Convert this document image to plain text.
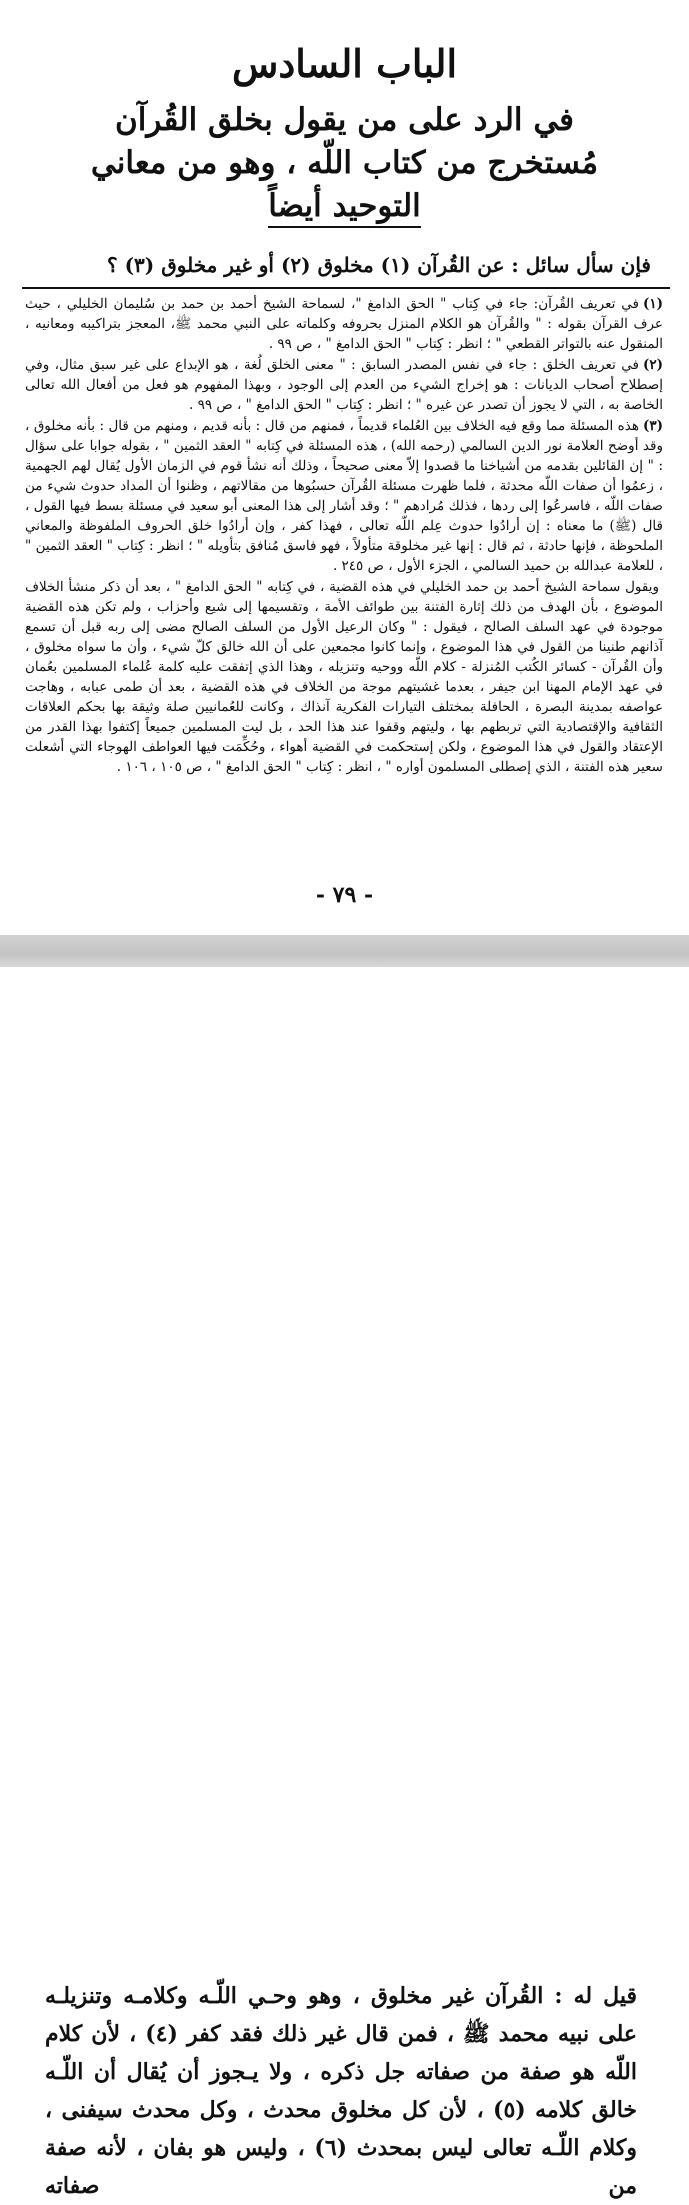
الباب السادس
في الرد على من يقول بخلق القُرآن
مُستخرج من كتاب اللّه ، وهو من معاني
التوحيد أيضاً
فإن سأل سائل : عن القُرآن (١) مخلوق (٢) أو غير مخلوق (٣) ؟

(١)في تعريف القُرآن: جاء في كِتاب " الحق الدامغ "، لسماحة الشيخ أحمد بن حمد بن سُليمان الخليلي ، حيث عرف القرآن بقوله : " والقُرآن هو الكلام المنزل بحروفه وكلماته على النبي محمد ﷺ، المعجز بتراكيبه ومعانيه ، المنقول عنه بالتواتر القطعي " ؛ انظر : كِتاب " الحق الدامغ " ، ص ٩٩ .

(٢)في تعريف الخلق : جاء في نفس المصدر السابق : " معنى الخلق لُغة ، هو الإبداع على غير سبق مثال، وفي إصطلاح أصحاب الديانات : هو إخراج الشيء من العدم إلى الوجود ، وبهذا المفهوم هو فعل من أفعال الله تعالى الخاصة به ، التي لا يجوز أن تصدر عن غيره " ؛ انظر : كِتاب " الحق الدامغ " ، ص ٩٩ .

(٣)هذه المسئلة مما وقع فيه الخلاف بين العُلماء قديماً ، فمنهم من قال : بأنه قديم ، ومنهم من قال : بأنه مخلوق ، وقد أوضح العلامة نور الدين السالمي (رحمه الله) ، هذه المسئلة في كِتابه " العقد الثمين " ، بقوله جوابا على سؤال : " إن القائلين بقدمه من أشياخنا ما قصدوا إلاّ معنى صحيحاً ، وذلك أنه نشأ قوم في الزمان الأول يُقال لهم الجهمية ، زعمُوا أن صفات اللّه محدثة ، فلما ظهرت مسئلة القُرآن حسبُوها من مقالاتهم ، وظنوا أن المداد حدوث شيء من صفات اللّه ، فاسرعُوا إلى ردها ، فذلك مُرادهم " ؛ وقد أشار إلى هذا المعنى أبو سعيد في مسئلة بسط فيها القول ، قال (ﷺ) ما معناه : إن أرادُوا حدوث عِلم اللّه تعالى ، فهذا كفر ، وإن أرادُوا خلق الحروف الملفوظة والمعاني الملحوظة ، فإنها حادثة ، ثم قال : إنها غير مخلوقة متأولاً ، فهو فاسق مُنافق بتأويله " ؛ انظر : كِتاب " العقد الثمين " ، للعلامة عبدالله بن حميد السالمي ، الجزء الأول ، ص ٢٤٥ .

ويقول سماحة الشيخ أحمد بن حمد الخليلي في هذه القضية ، في كِتابه " الحق الدامغ " ، بعد أن ذكر منشأ الخلاف الموضوع ، بأن الهدف من ذلك إثارة الفتنة بين طوائف الأمة ، وتقسيمها إلى شيع وأحزاب ، ولم تكن هذه القضية موجودة في عهد السلف الصالح ، فيقول : " وكان الرعيل الأول من السلف الصالح مضى إلى ربه قبل أن تسمع آذانهم طنينا من القول في هذا الموضوع ، وإنما كانوا مجمعين على أن الله خالق كلّ شيء ، وأن ما سواه مخلوق ، وأن القُرآن - كسائر الكُتب المُنزلة - كلام اللّه ووحيه وتنزيله ، وهذا الذي إتفقت عليه كلمة عُلماء المسلمين بعُمان في عهد الإمام المهنا ابن جيفر ، بعدما غشيتهم موجة من الخلاف في هذه القضية ، بعد أن طمى عبابه ، وهاجت عواصفه بمدينة البصرة ، الحافلة بمختلف التيارات الفكرية آنذاك ، وكانت للعُمانيين صلة وثيقة بها بحكم العلاقات الثقافية والإقتصادية التي تربطهم بها ، وليتهم وقفوا عند هذا الحد ، بل ليت المسلمين جميعاً إكتفوا بهذا القدر من الإعتقاد والقول في هذا الموضوع ، ولكن إستحكمت في القضية أهواء ، وحُكِّمَت فيها العواطف الهوجاء التي أشعلت سعير هذه الفتنة ، الذي إصطلى المسلمون أواره " ، انظر : كِتاب " الحق الدامغ " ، ص ١٠٥ ، ١٠٦ .

- ٧٩ -
قيل له : القُرآن غير مخلوق ، وهو وحـي اللّـه وكلامـه وتنزيلـه على نبيه محمد ﷺ ، فمن قال غير ذلك فقد كفر (٤) ، لأن كلام اللّه هو صفة من صفاته جل ذكره ، ولا يـجوز أن يُقال أن اللّـه خالق كلامه (٥) ، لأن كل مخلوق محدث ، وكل محدث سيفنى ، وكلام اللّـه تعالى ليس بمحدث (٦) ، وليس هو بفان ، لأنه صفة من صفاته
